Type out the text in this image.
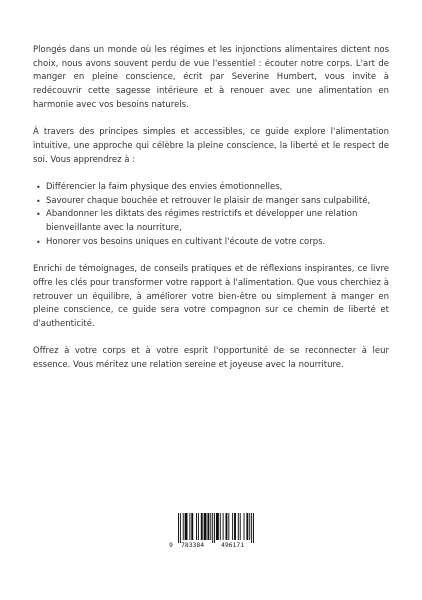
Plongés dans un monde où les régimes et les injonctions alimentaires dictent nos choix, nous avons souvent perdu de vue l'essentiel : écouter notre corps. L'art de manger en pleine conscience, écrit par Severine Humbert, vous invite à redécouvrir cette sagesse intérieure et à renouer avec une alimentation en harmonie avec vos besoins naturels.

À travers des principes simples et accessibles, ce guide explore l'alimentation intuitive, une approche qui célèbre la pleine conscience, la liberté et le respect de soi. Vous apprendrez à :

• Différencier la faim physique des envies émotionnelles,
• Savourer chaque bouchée et retrouver le plaisir de manger sans culpabilité,
• Abandonner les diktats des régimes restrictifs et développer une relation bienveillante avec la nourriture,
• Honorer vos besoins uniques en cultivant l'écoute de votre corps.

Enrichi de témoignages, de conseils pratiques et de réflexions inspirantes, ce livre offre les clés pour transformer votre rapport à l'alimentation. Que vous cherchiez à retrouver un équilibre, à améliorer votre bien-être ou simplement à manger en pleine conscience, ce guide sera votre compagnon sur ce chemin de liberté et d'authenticité.

Offrez à votre corps et à votre esprit l'opportunité de se reconnecter à leur essence. Vous méritez une relation sereine et joyeuse avec la nourriture.

9 783384	496171
